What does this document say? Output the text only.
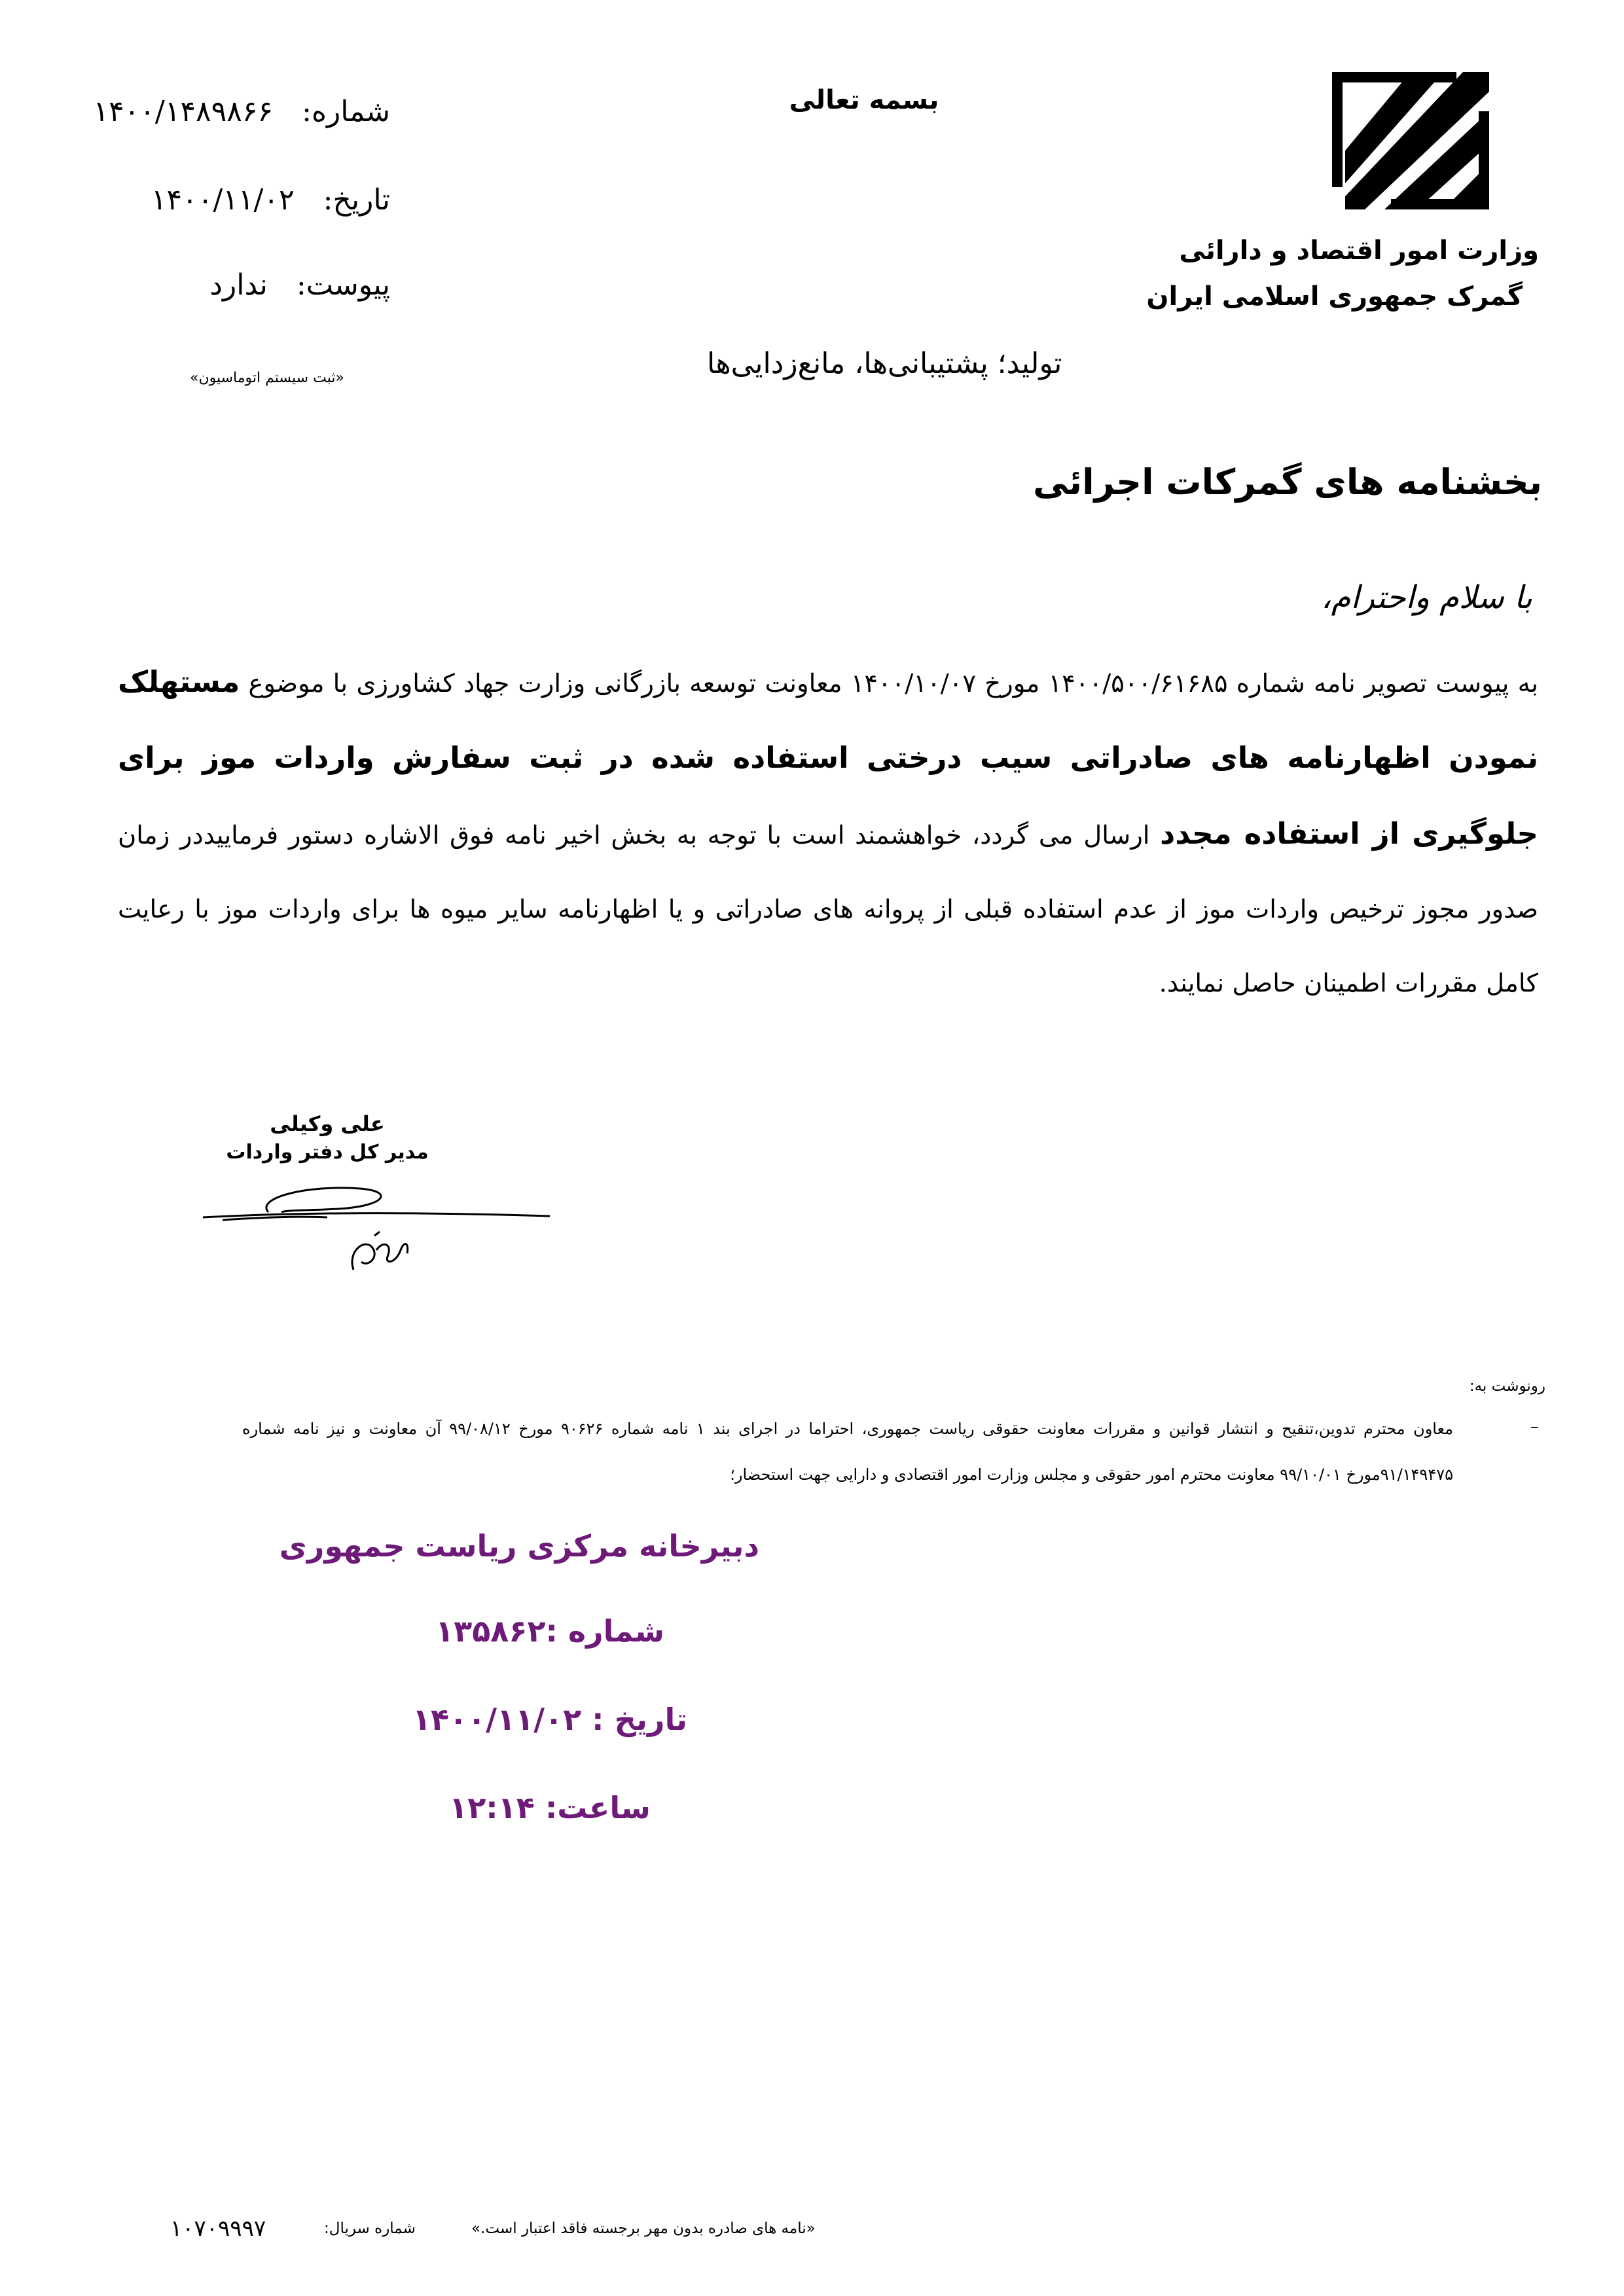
وزارت امور اقتصاد و دارائی
گمرک جمهوری اسلامی ایران
بسمه تعالی
شماره: ۱۴۰۰/۱۴۸۹۸۶۶
تاریخ: ۱۴۰۰/۱۱/۰۲
پیوست: ندارد
«ثبت سیستم اتوماسیون»	تولید؛ پشتیبانی‌ها، مانع‌زدایی‌ها
بخشنامه های گمرکات اجرائی
با سلام واحترام،
به پیوست تصویر نامه شماره ۱۴۰۰/۵۰۰/۶۱۶۸۵ مورخ ۱۴۰۰/۱۰/۰۷ معاونت توسعه بازرگانی وزارت جهاد کشاورزی با موضوع مستهلک نمودن اظهارنامه های صادراتی سیب درختی استفاده شده در ثبت سفارش واردات موز برای جلوگیری از استفاده مجدد ارسال می گردد، خواهشمند است با توجه به بخش اخیر نامه فوق الاشاره دستور فرمایید‌در زمان صدور مجوز ترخیص واردات موز از عدم استفاده قبلی از پروانه های صادراتی و یا اظهارنامه سایر میوه ها برای واردات موز با رعایت کامل مقررات اطمینان حاصل نمایند.
علی وکیلی
مدیر کل دفتر واردات
رونوشت به:
–
معاون محترم تدوین،تنقیح و انتشار قوانین و مقررات معاونت حقوقی ریاست جمهوری، احتراما در اجرای بند ۱ نامه شماره ۹۰۶۲۶ مورخ ۹۹/۰۸/۱۲ آن معاونت و نیز نامه شماره ۹۱/۱۴۹۴۷۵مورخ ۹۹/۱۰/۰۱ معاونت محترم امور حقوقی و مجلس وزارت امور اقتصادی و دارایی جهت استحضار؛
دبیرخانه مرکزی ریاست جمهوری
شماره :۱۳۵۸۶۲
تاریخ : ۱۴۰۰/۱۱/۰۲
ساعت: ۱۲:۱۴
«نامه های صادره بدون مهر برجسته فاقد اعتبار است.»
شماره سریال:
۱۰۷۰۹۹۹۷
